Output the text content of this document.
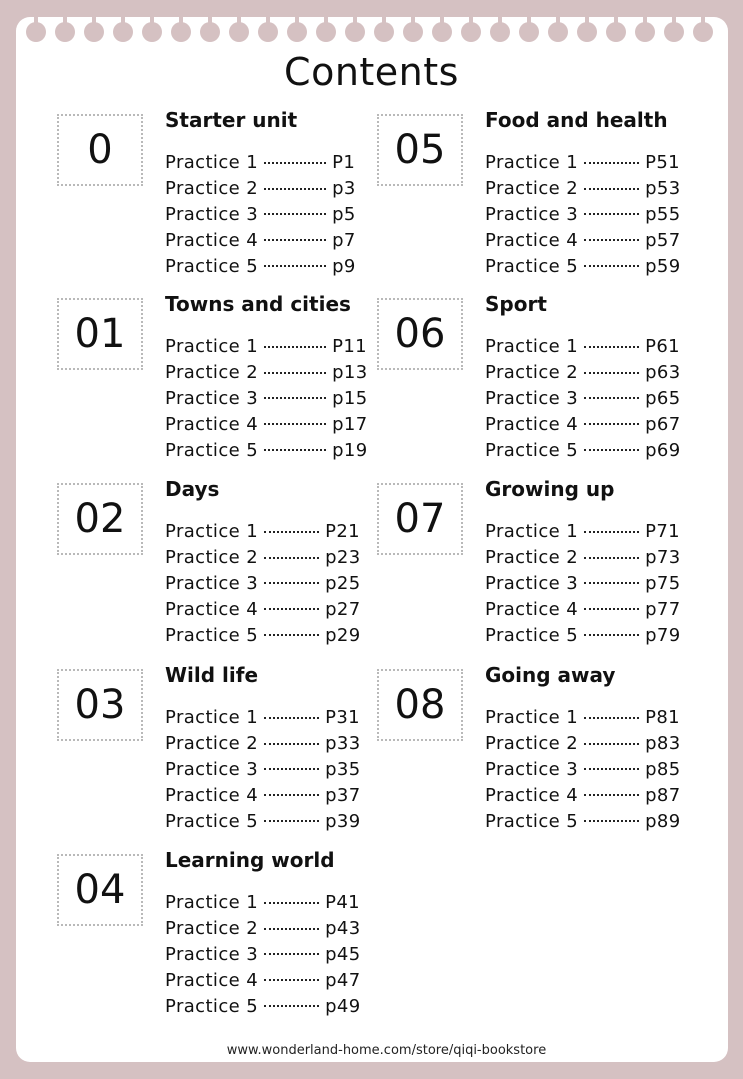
Contents
0
Starter unit
Practice 1	P1
Practice 2	p3
Practice 3	p5
Practice 4	p7
Practice 5	p9
01
Towns and cities
Practice 1	P11
Practice 2	p13
Practice 3	p15
Practice 4	p17
Practice 5	p19
02
Days
Practice 1	P21
Practice 2	p23
Practice 3	p25
Practice 4	p27
Practice 5	p29
03
Wild life
Practice 1	P31
Practice 2	p33
Practice 3	p35
Practice 4	p37
Practice 5	p39
04
Learning world
Practice 1	P41
Practice 2	p43
Practice 3	p45
Practice 4	p47
Practice 5	p49
05
Food and health
Practice 1	P51
Practice 2	p53
Practice 3	p55
Practice 4	p57
Practice 5	p59
06
Sport
Practice 1	P61
Practice 2	p63
Practice 3	p65
Practice 4	p67
Practice 5	p69
07
Growing up
Practice 1	P71
Practice 2	p73
Practice 3	p75
Practice 4	p77
Practice 5	p79
08
Going away
Practice 1	P81
Practice 2	p83
Practice 3	p85
Practice 4	p87
Practice 5	p89
www.wonderland-home.com/store/qiqi-bookstore
